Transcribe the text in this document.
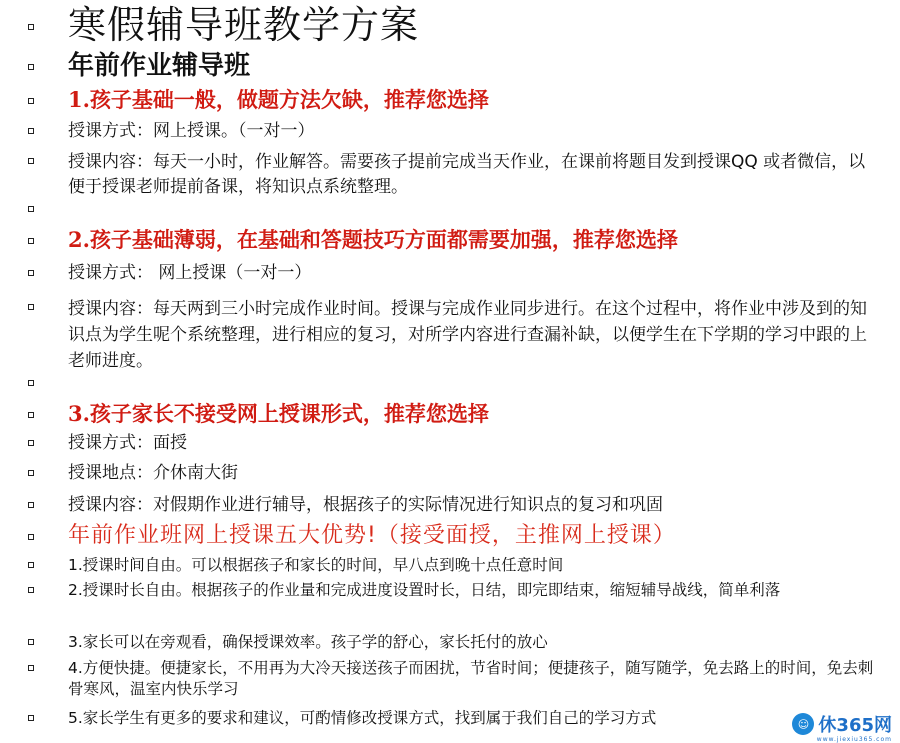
寒假辅导班教学方案
年前作业辅导班
1.孩子基础一般，做题方法欠缺，推荐您选择
授课方式：网上授课。（一对一）
授课内容：每天一小时，作业解答。需要孩子提前完成当天作业，在课前将题目发到授课QQ 或者微信，以便于授课老师提前备课，将知识点系统整理。
2.孩子基础薄弱，在基础和答题技巧方面都需要加强，推荐您选择
授课方式： 网上授课（一对一）
授课内容：每天两到三小时完成作业时间。授课与完成作业同步进行。在这个过程中，将作业中涉及到的知识点为学生呢个系统整理，进行相应的复习，对所学内容进行查漏补缺，以便学生在下学期的学习中跟的上老师进度。
3.孩子家长不接受网上授课形式，推荐您选择
授课方式：面授
授课地点：介休南大街
授课内容：对假期作业进行辅导，根据孩子的实际情况进行知识点的复习和巩固
年前作业班网上授课五大优势!（接受面授，主推网上授课）
1.授课时间自由。可以根据孩子和家长的时间，早八点到晚十点任意时间
2.授课时长自由。根据孩子的作业量和完成进度设置时长，日结，即完即结束，缩短辅导战线，简单利落
3.家长可以在旁观看，确保授课效率。孩子学的舒心，家长托付的放心
4.方便快捷。便捷家长，不用再为大冷天接送孩子而困扰，节省时间；便捷孩子，随写随学，免去路上的时间，免去刺骨寒风，温室内快乐学习
5.家长学生有更多的要求和建议，可酌情修改授课方式，找到属于我们自己的学习方式	☺ 休365网
www.jiexiu365.com
